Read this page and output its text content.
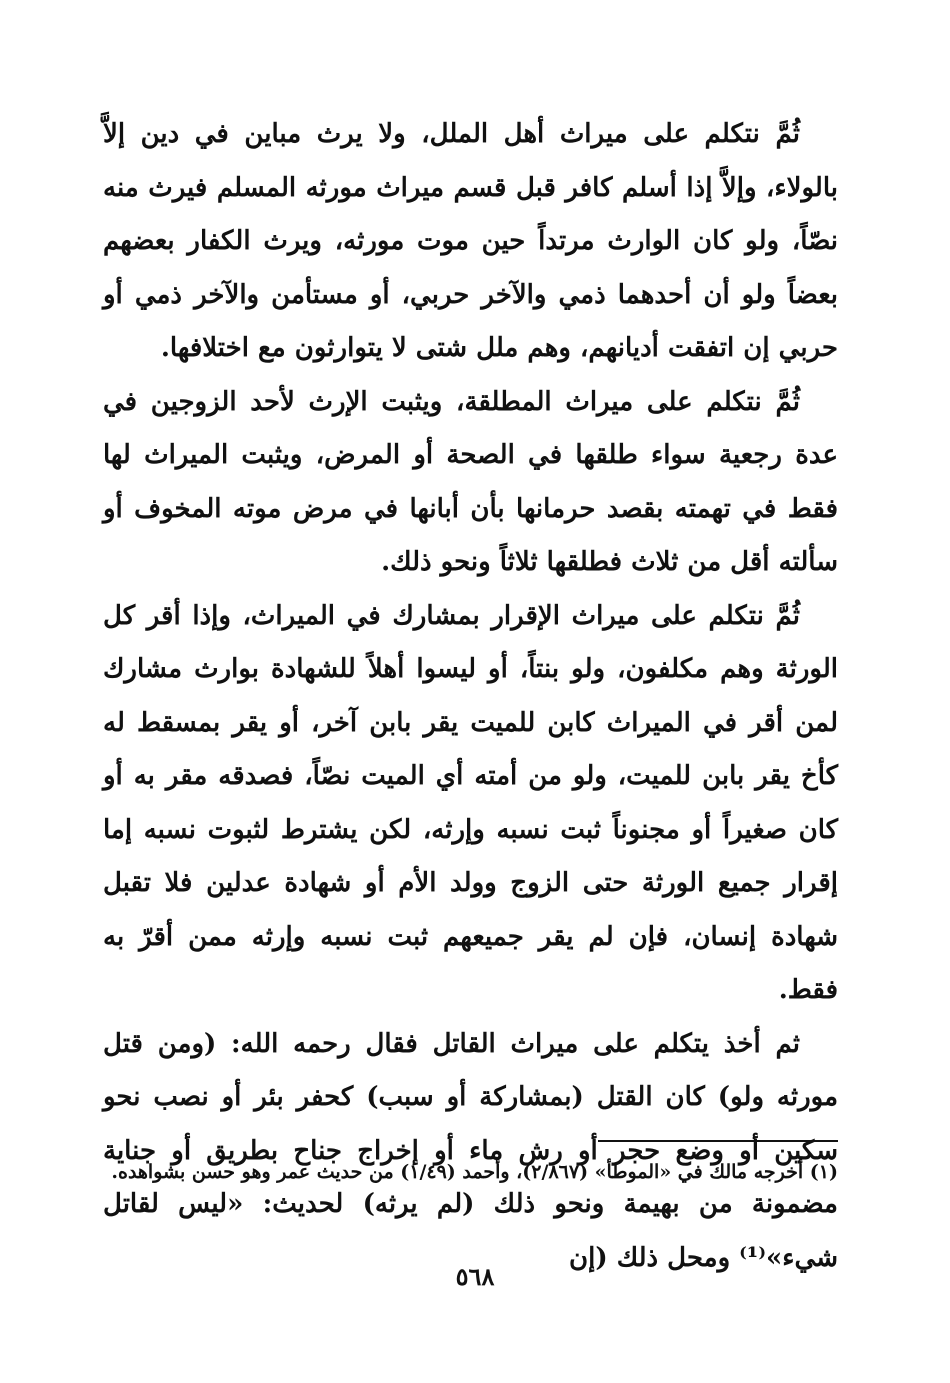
ثُمَّ نتكلم على ميراث أهل الملل، ولا يرث مباين في دين إلاَّ بالولاء، وإلاَّ إذا أسلم كافر قبل قسم ميراث مورثه المسلم فيرث منه نصّاً، ولو كان الوارث مرتداً حين موت مورثه، ويرث الكفار بعضهم بعضاً ولو أن أحدهما ذمي والآخر حربي، أو مستأمن والآخر ذمي أو حربي إن اتفقت أديانهم، وهم ملل شتى لا يتوارثون مع اختلافها.

ثُمَّ نتكلم على ميراث المطلقة، ويثبت الإرث لأحد الزوجين في عدة رجعية سواء طلقها في الصحة أو المرض، ويثبت الميراث لها فقط في تهمته بقصد حرمانها بأن أبانها في مرض موته المخوف أو سألته أقل من ثلاث فطلقها ثلاثاً ونحو ذلك.

ثُمَّ نتكلم على ميراث الإقرار بمشارك في الميراث، وإذا أقر كل الورثة وهم مكلفون، ولو بنتاً، أو ليسوا أهلاً للشهادة بوارث مشارك لمن أقر في الميراث كابن للميت يقر بابن آخر، أو يقر بمسقط له كأخ يقر بابن للميت، ولو من أمته أي الميت نصّاً، فصدقه مقر به أو كان صغيراً أو مجنوناً ثبت نسبه وإرثه، لكن يشترط لثبوت نسبه إما إقرار جميع الورثة حتى الزوج وولد الأم أو شهادة عدلين فلا تقبل شهادة إنسان، فإن لم يقر جميعهم ثبت نسبه وإرثه ممن أقرّ به فقط.

ثم أخذ يتكلم على ميراث القاتل فقال رحمه الله: (ومن قتل مورثه ولو) كان القتل (بمشاركة أو سبب) كحفر بئر أو نصب نحو سكين أو وضع حجر أو رش ماء أو إخراج جناح بطريق أو جناية مضمونة من بهيمة ونحو ذلك (لم يرثه) لحديث: «ليس لقاتل شيء»⁽¹⁾ ومحل ذلك (إن

(١) أخرجه مالك في «الموطأ» (٢/٨٦٧)، وأحمد (١/٤٩) من حديث عمر وهو حسن بشواهده.
٥٦٨
